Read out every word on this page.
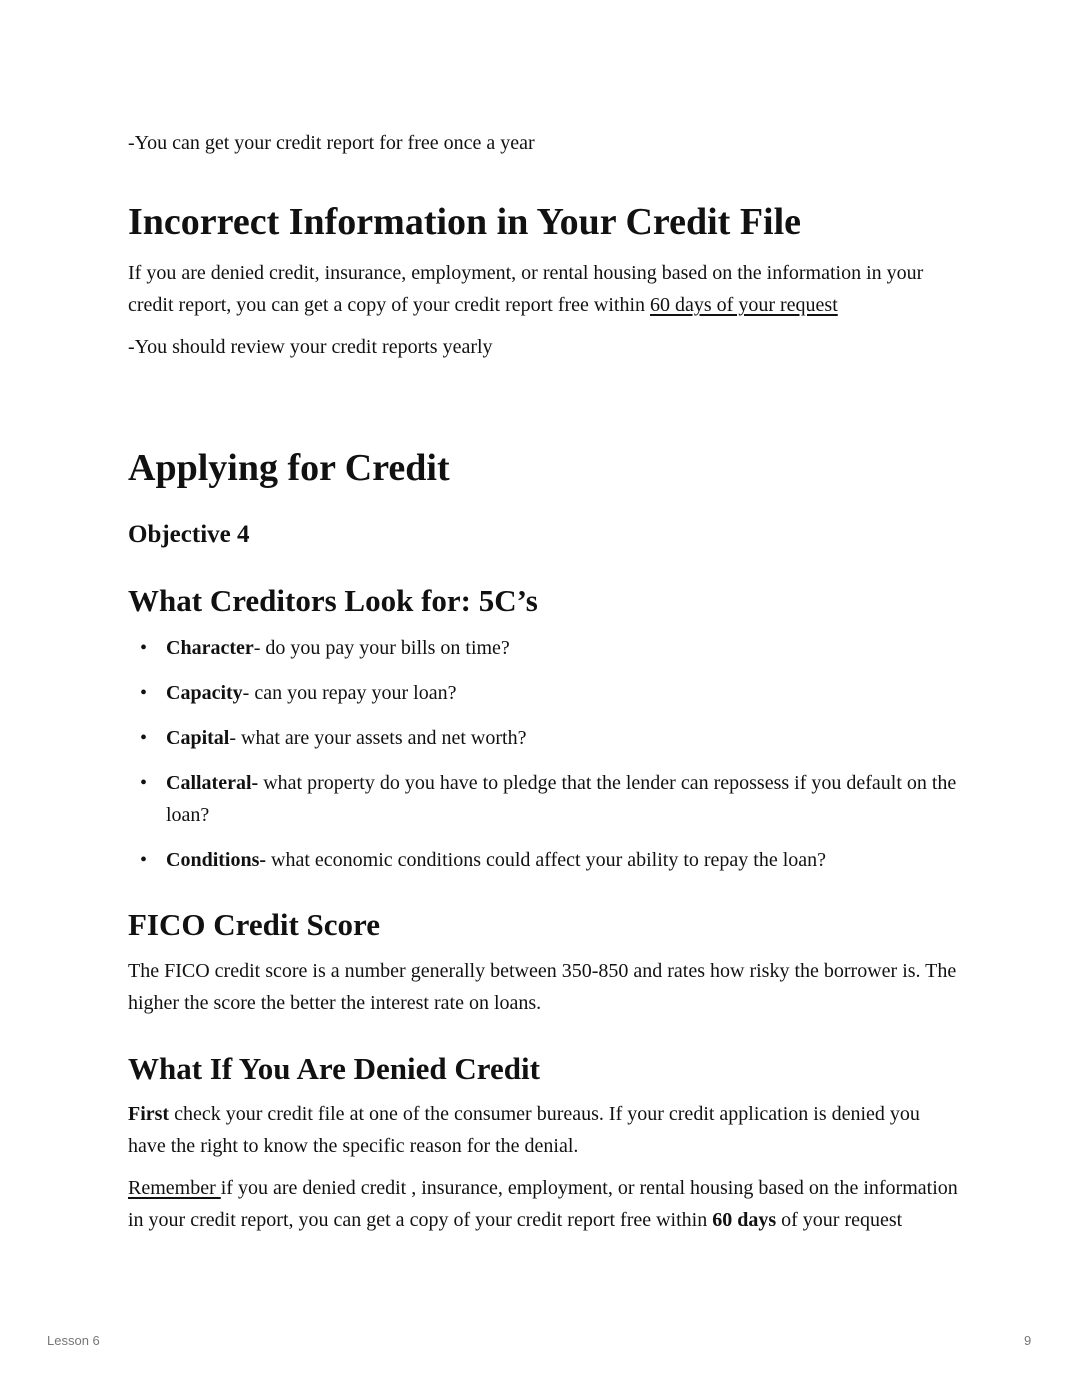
-You can get your credit report for free once a year

Incorrect Information in Your Credit File

If you are denied credit, insurance, employment, or rental housing based on the information in your credit report, you can get a copy of your credit report free within 60 days of your request

-You should review your credit reports yearly

Applying for Credit
Objective 4
What Creditors Look for: 5C’s
• Character- do you pay your bills on time?
• Capacity- can you repay your loan?
• Capital- what are your assets and net worth?
• Callateral- what property do you have to pledge that the lender can repossess if you default on the loan?
• Conditions- what economic conditions could affect your ability to repay the loan?
FICO Credit Score

The FICO credit score is a number generally between 350-850 and rates how risky the borrower is. The higher the score the better the interest rate on loans.

What If You Are Denied Credit

First check your credit file at one of the consumer bureaus. If your credit application is denied you have the right to know the specific reason for the denial.

Remember if you are denied credit , insurance, employment, or rental housing based on the information in your credit report, you can get a copy of your credit report free within 60 days of your request

Lesson 6	9
